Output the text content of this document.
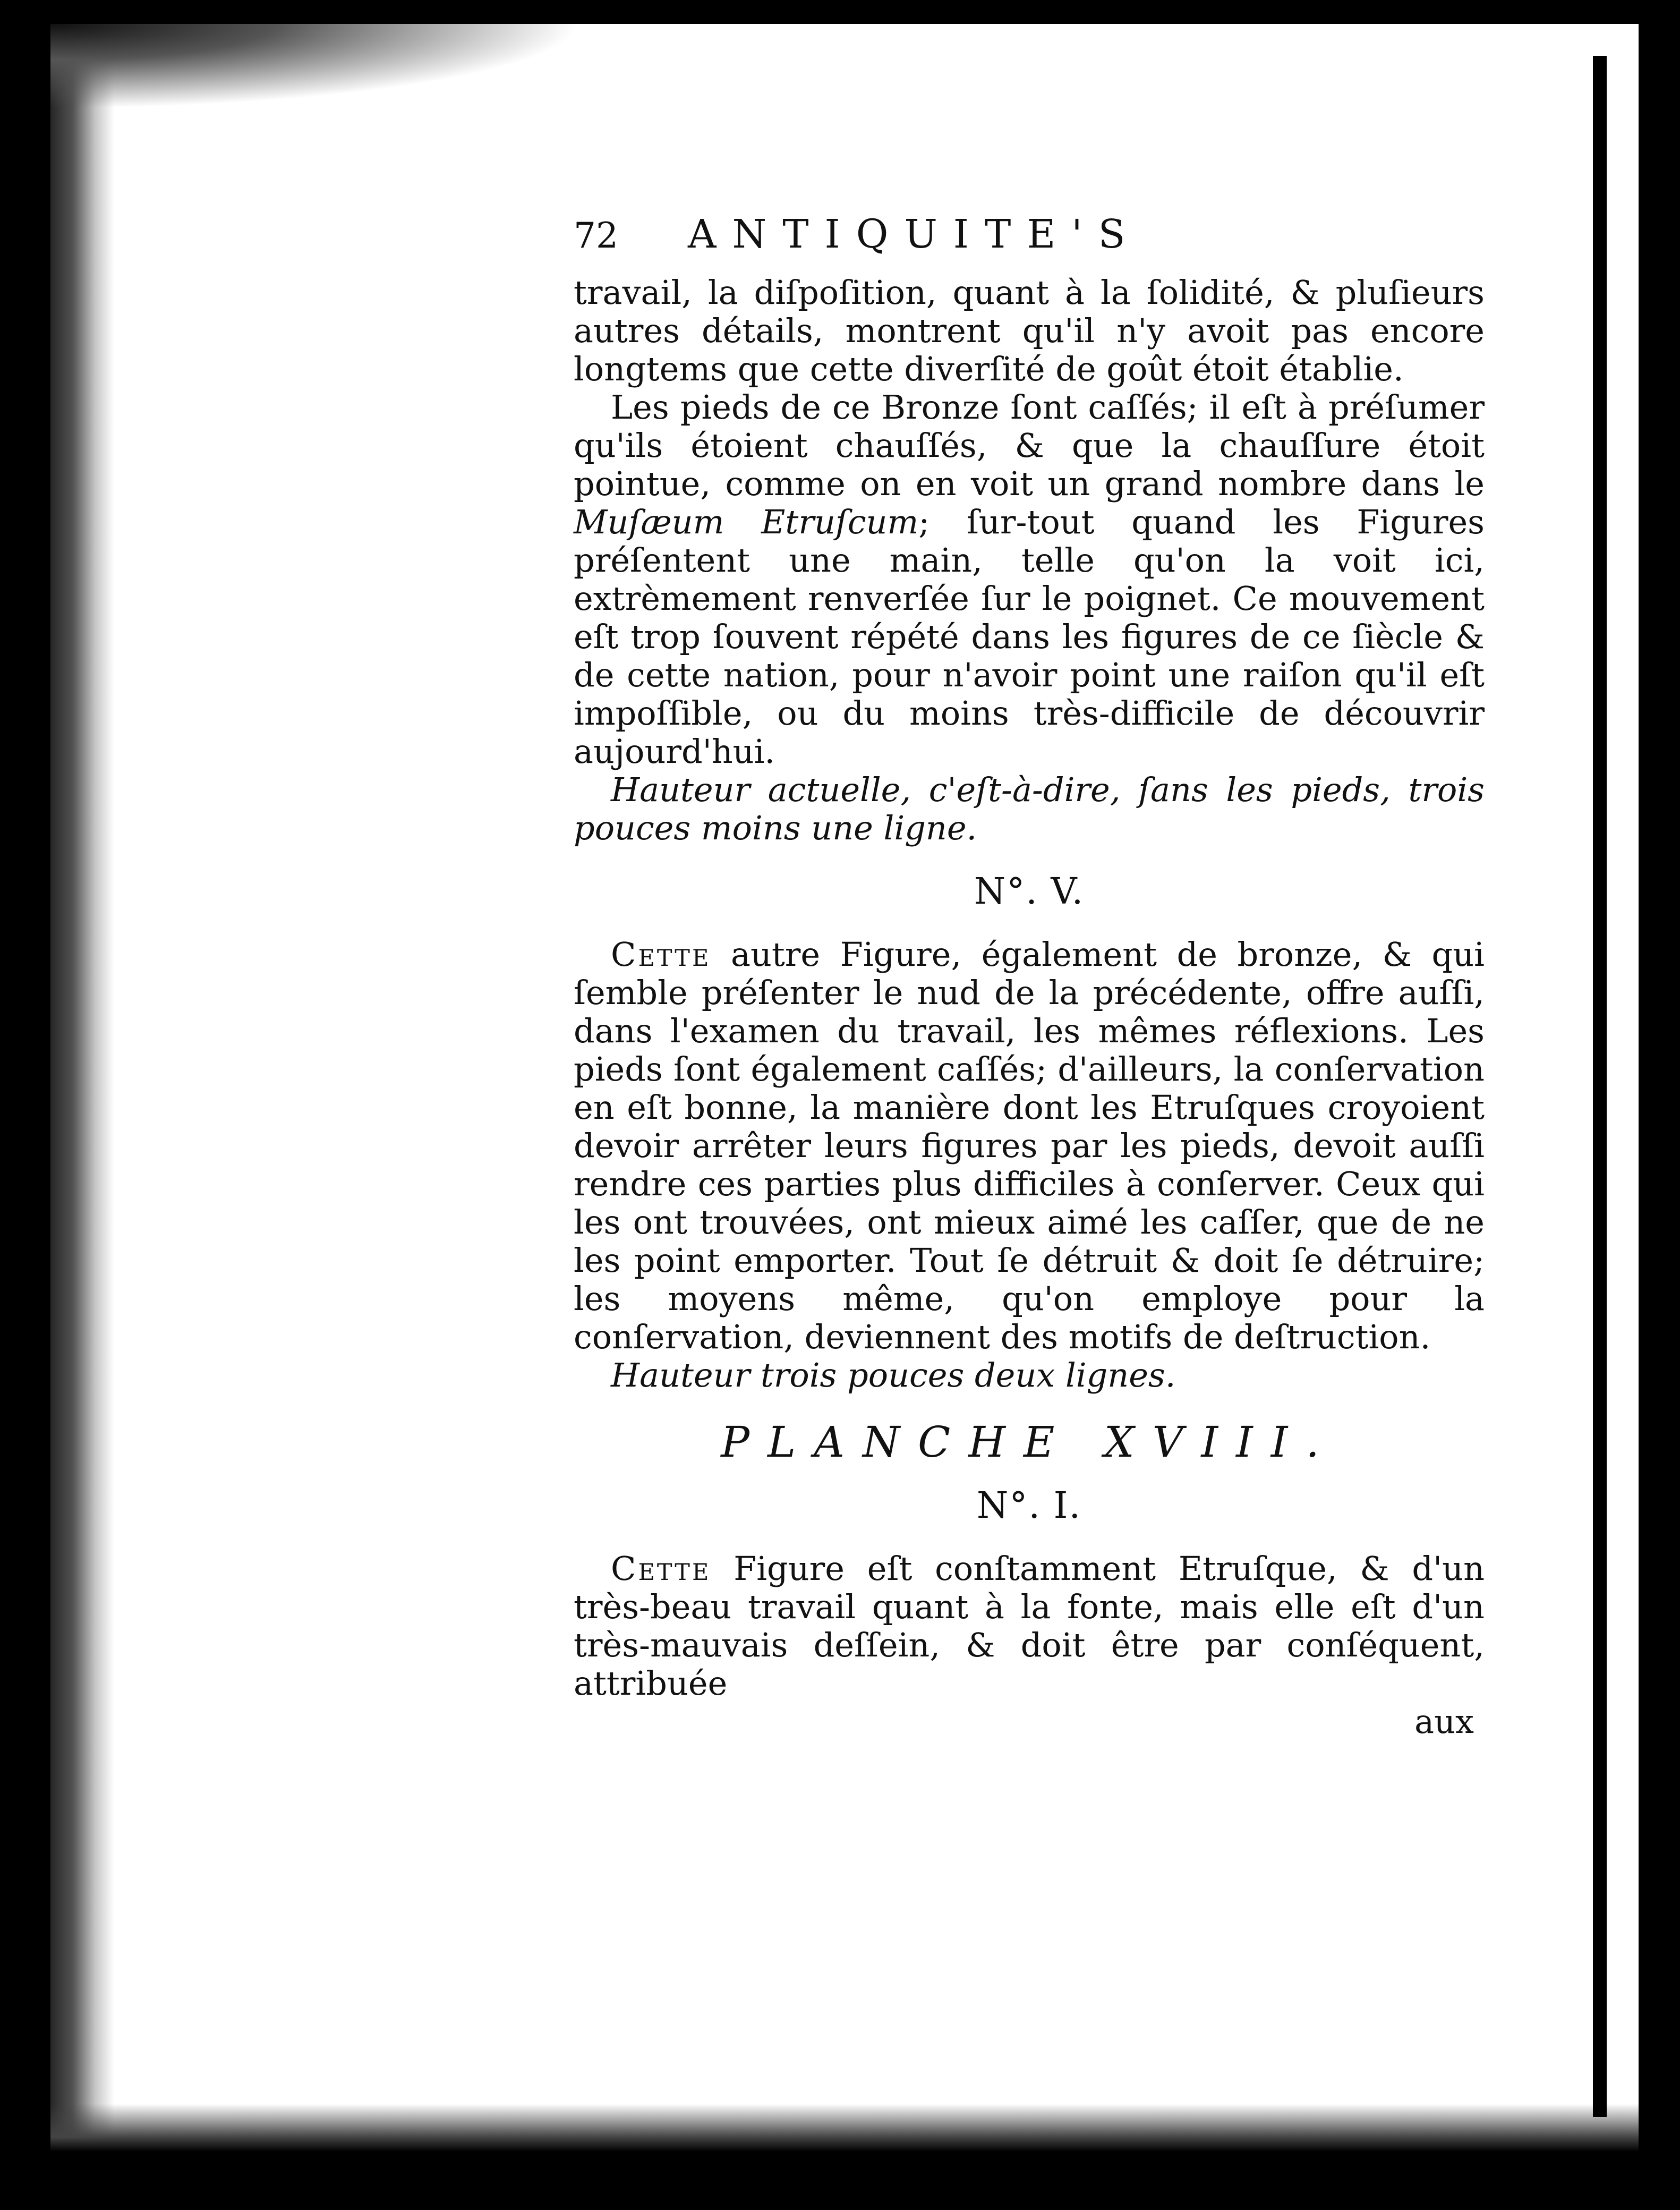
72	ANTIQUITE'S

travail, la diſpoſition, quant à la ſolidité, & pluſieurs autres détails, montrent qu'il n'y avoit pas encore longtems que cette diverſité de goût étoit établie.

Les pieds de ce Bronze ſont caſſés; il eſt à préſumer qu'ils étoient chauſſés, & que la chauſſure étoit pointue, comme on en voit un grand nombre dans le Muſæum Etruſcum; ſur-tout quand les Figures préſentent une main, telle qu'on la voit ici, extrèmement renverſée ſur le poignet. Ce mouvement eſt trop ſouvent répété dans les figures de ce ſiècle & de cette nation, pour n'avoir point une raiſon qu'il eſt impoſſible, ou du moins très-difficile de découvrir aujourd'hui.

Hauteur actuelle, c'eſt-à-dire, ſans les pieds, trois pouces moins une ligne.

N°. V.

Cette autre Figure, également de bronze, & qui ſemble préſenter le nud de la précédente, offre auſſi, dans l'examen du travail, les mêmes réflexions. Les pieds ſont également caſſés; d'ailleurs, la conſervation en eſt bonne, la manière dont les Etruſques croyoient devoir arrêter leurs figures par les pieds, devoit auſſi rendre ces parties plus difficiles à conſerver. Ceux qui les ont trouvées, ont mieux aimé les caſſer, que de ne les point emporter. Tout ſe détruit & doit ſe détruire; les moyens même, qu'on employe pour la conſervation, deviennent des motifs de deſtruction.

Hauteur trois pouces deux lignes.

PLANCHE XVIII.
N°. I.

Cette Figure eſt conſtamment Etruſque, & d'un très-beau travail quant à la fonte, mais elle eſt d'un très-mauvais deſſein, & doit être par conſéquent, attribuée

aux
